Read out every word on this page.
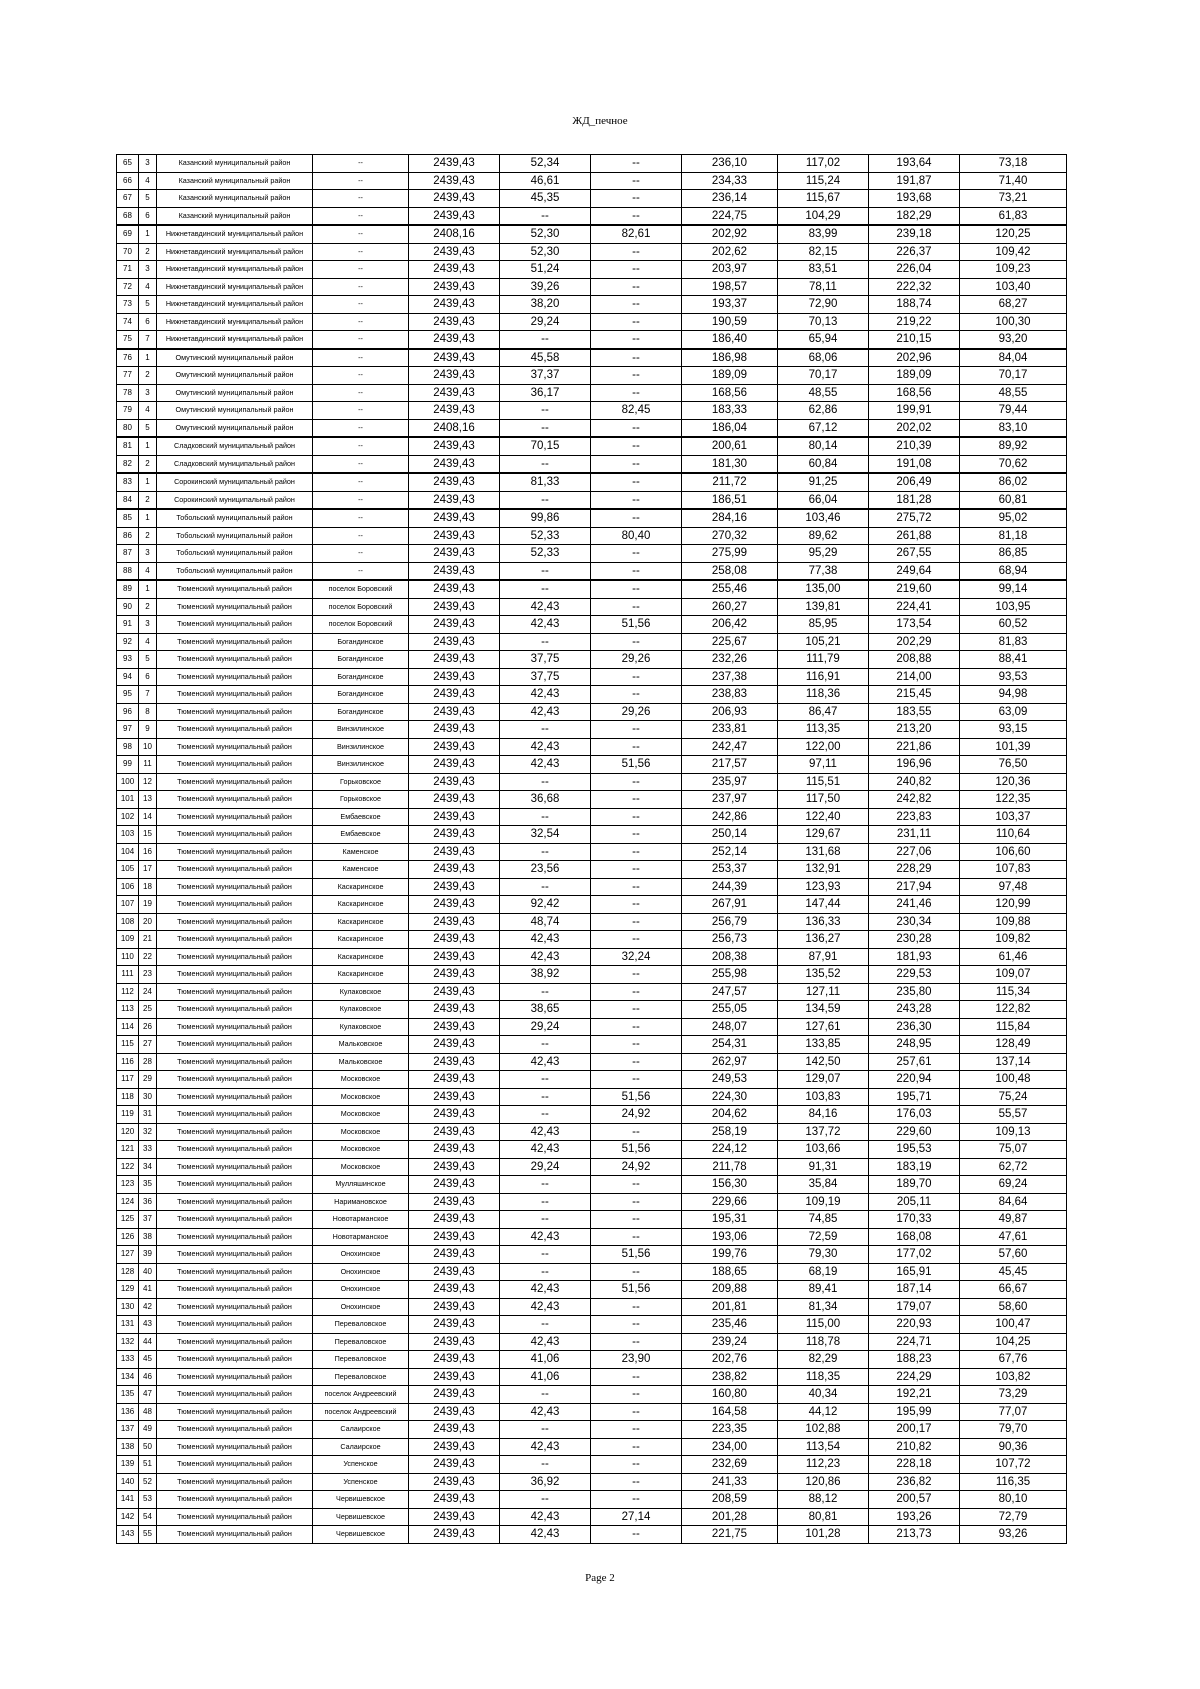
ЖД_печное
65	3	Казанский муниципальный район	--	2439,43	52,34	--	236,10	117,02	193,64	73,18
66	4	Казанский муниципальный район	--	2439,43	46,61	--	234,33	115,24	191,87	71,40
67	5	Казанский муниципальный район	--	2439,43	45,35	--	236,14	115,67	193,68	73,21
68	6	Казанский муниципальный район	--	2439,43	--	--	224,75	104,29	182,29	61,83
69	1	Нижнетавдинский муниципальный район	--	2408,16	52,30	82,61	202,92	83,99	239,18	120,25
70	2	Нижнетавдинский муниципальный район	--	2439,43	52,30	--	202,62	82,15	226,37	109,42
71	3	Нижнетавдинский муниципальный район	--	2439,43	51,24	--	203,97	83,51	226,04	109,23
72	4	Нижнетавдинский муниципальный район	--	2439,43	39,26	--	198,57	78,11	222,32	103,40
73	5	Нижнетавдинский муниципальный район	--	2439,43	38,20	--	193,37	72,90	188,74	68,27
74	6	Нижнетавдинский муниципальный район	--	2439,43	29,24	--	190,59	70,13	219,22	100,30
75	7	Нижнетавдинский муниципальный район	--	2439,43	--	--	186,40	65,94	210,15	93,20
76	1	Омутинский муниципальный район	--	2439,43	45,58	--	186,98	68,06	202,96	84,04
77	2	Омутинский муниципальный район	--	2439,43	37,37	--	189,09	70,17	189,09	70,17
78	3	Омутинский муниципальный район	--	2439,43	36,17	--	168,56	48,55	168,56	48,55
79	4	Омутинский муниципальный район	--	2439,43	--	82,45	183,33	62,86	199,91	79,44
80	5	Омутинский муниципальный район	--	2408,16	--	--	186,04	67,12	202,02	83,10
81	1	Сладковский муниципальный район	--	2439,43	70,15	--	200,61	80,14	210,39	89,92
82	2	Сладковский муниципальный район	--	2439,43	--	--	181,30	60,84	191,08	70,62
83	1	Сорокинский муниципальный район	--	2439,43	81,33	--	211,72	91,25	206,49	86,02
84	2	Сорокинский муниципальный район	--	2439,43	--	--	186,51	66,04	181,28	60,81
85	1	Тобольский муниципальный район	--	2439,43	99,86	--	284,16	103,46	275,72	95,02
86	2	Тобольский муниципальный район	--	2439,43	52,33	80,40	270,32	89,62	261,88	81,18
87	3	Тобольский муниципальный район	--	2439,43	52,33	--	275,99	95,29	267,55	86,85
88	4	Тобольский муниципальный район	--	2439,43	--	--	258,08	77,38	249,64	68,94
89	1	Тюменский муниципальный район	поселок Боровский	2439,43	--	--	255,46	135,00	219,60	99,14
90	2	Тюменский муниципальный район	поселок Боровский	2439,43	42,43	--	260,27	139,81	224,41	103,95
91	3	Тюменский муниципальный район	поселок Боровский	2439,43	42,43	51,56	206,42	85,95	173,54	60,52
92	4	Тюменский муниципальный район	Богандинское	2439,43	--	--	225,67	105,21	202,29	81,83
93	5	Тюменский муниципальный район	Богандинское	2439,43	37,75	29,26	232,26	111,79	208,88	88,41
94	6	Тюменский муниципальный район	Богандинское	2439,43	37,75	--	237,38	116,91	214,00	93,53
95	7	Тюменский муниципальный район	Богандинское	2439,43	42,43	--	238,83	118,36	215,45	94,98
96	8	Тюменский муниципальный район	Богандинское	2439,43	42,43	29,26	206,93	86,47	183,55	63,09
97	9	Тюменский муниципальный район	Винзилинское	2439,43	--	--	233,81	113,35	213,20	93,15
98	10	Тюменский муниципальный район	Винзилинское	2439,43	42,43	--	242,47	122,00	221,86	101,39
99	11	Тюменский муниципальный район	Винзилинское	2439,43	42,43	51,56	217,57	97,11	196,96	76,50
100	12	Тюменский муниципальный район	Горьковское	2439,43	--	--	235,97	115,51	240,82	120,36
101	13	Тюменский муниципальный район	Горьковское	2439,43	36,68	--	237,97	117,50	242,82	122,35
102	14	Тюменский муниципальный район	Ембаевское	2439,43	--	--	242,86	122,40	223,83	103,37
103	15	Тюменский муниципальный район	Ембаевское	2439,43	32,54	--	250,14	129,67	231,11	110,64
104	16	Тюменский муниципальный район	Каменское	2439,43	--	--	252,14	131,68	227,06	106,60
105	17	Тюменский муниципальный район	Каменское	2439,43	23,56	--	253,37	132,91	228,29	107,83
106	18	Тюменский муниципальный район	Каскаринское	2439,43	--	--	244,39	123,93	217,94	97,48
107	19	Тюменский муниципальный район	Каскаринское	2439,43	92,42	--	267,91	147,44	241,46	120,99
108	20	Тюменский муниципальный район	Каскаринское	2439,43	48,74	--	256,79	136,33	230,34	109,88
109	21	Тюменский муниципальный район	Каскаринское	2439,43	42,43	--	256,73	136,27	230,28	109,82
110	22	Тюменский муниципальный район	Каскаринское	2439,43	42,43	32,24	208,38	87,91	181,93	61,46
111	23	Тюменский муниципальный район	Каскаринское	2439,43	38,92	--	255,98	135,52	229,53	109,07
112	24	Тюменский муниципальный район	Кулаковское	2439,43	--	--	247,57	127,11	235,80	115,34
113	25	Тюменский муниципальный район	Кулаковское	2439,43	38,65	--	255,05	134,59	243,28	122,82
114	26	Тюменский муниципальный район	Кулаковское	2439,43	29,24	--	248,07	127,61	236,30	115,84
115	27	Тюменский муниципальный район	Мальковское	2439,43	--	--	254,31	133,85	248,95	128,49
116	28	Тюменский муниципальный район	Мальковское	2439,43	42,43	--	262,97	142,50	257,61	137,14
117	29	Тюменский муниципальный район	Московское	2439,43	--	--	249,53	129,07	220,94	100,48
118	30	Тюменский муниципальный район	Московское	2439,43	--	51,56	224,30	103,83	195,71	75,24
119	31	Тюменский муниципальный район	Московское	2439,43	--	24,92	204,62	84,16	176,03	55,57
120	32	Тюменский муниципальный район	Московское	2439,43	42,43	--	258,19	137,72	229,60	109,13
121	33	Тюменский муниципальный район	Московское	2439,43	42,43	51,56	224,12	103,66	195,53	75,07
122	34	Тюменский муниципальный район	Московское	2439,43	29,24	24,92	211,78	91,31	183,19	62,72
123	35	Тюменский муниципальный район	Мулляшинское	2439,43	--	--	156,30	35,84	189,70	69,24
124	36	Тюменский муниципальный район	Наримановское	2439,43	--	--	229,66	109,19	205,11	84,64
125	37	Тюменский муниципальный район	Новотарманское	2439,43	--	--	195,31	74,85	170,33	49,87
126	38	Тюменский муниципальный район	Новотарманское	2439,43	42,43	--	193,06	72,59	168,08	47,61
127	39	Тюменский муниципальный район	Онохинское	2439,43	--	51,56	199,76	79,30	177,02	57,60
128	40	Тюменский муниципальный район	Онохинское	2439,43	--	--	188,65	68,19	165,91	45,45
129	41	Тюменский муниципальный район	Онохинское	2439,43	42,43	51,56	209,88	89,41	187,14	66,67
130	42	Тюменский муниципальный район	Онохинское	2439,43	42,43	--	201,81	81,34	179,07	58,60
131	43	Тюменский муниципальный район	Переваловское	2439,43	--	--	235,46	115,00	220,93	100,47
132	44	Тюменский муниципальный район	Переваловское	2439,43	42,43	--	239,24	118,78	224,71	104,25
133	45	Тюменский муниципальный район	Переваловское	2439,43	41,06	23,90	202,76	82,29	188,23	67,76
134	46	Тюменский муниципальный район	Переваловское	2439,43	41,06	--	238,82	118,35	224,29	103,82
135	47	Тюменский муниципальный район	поселок Андреевский	2439,43	--	--	160,80	40,34	192,21	73,29
136	48	Тюменский муниципальный район	поселок Андреевский	2439,43	42,43	--	164,58	44,12	195,99	77,07
137	49	Тюменский муниципальный район	Салаирское	2439,43	--	--	223,35	102,88	200,17	79,70
138	50	Тюменский муниципальный район	Салаирское	2439,43	42,43	--	234,00	113,54	210,82	90,36
139	51	Тюменский муниципальный район	Успенское	2439,43	--	--	232,69	112,23	228,18	107,72
140	52	Тюменский муниципальный район	Успенское	2439,43	36,92	--	241,33	120,86	236,82	116,35
141	53	Тюменский муниципальный район	Червишевское	2439,43	--	--	208,59	88,12	200,57	80,10
142	54	Тюменский муниципальный район	Червишевское	2439,43	42,43	27,14	201,28	80,81	193,26	72,79
143	55	Тюменский муниципальный район	Червишевское	2439,43	42,43	--	221,75	101,28	213,73	93,26
Page 2
